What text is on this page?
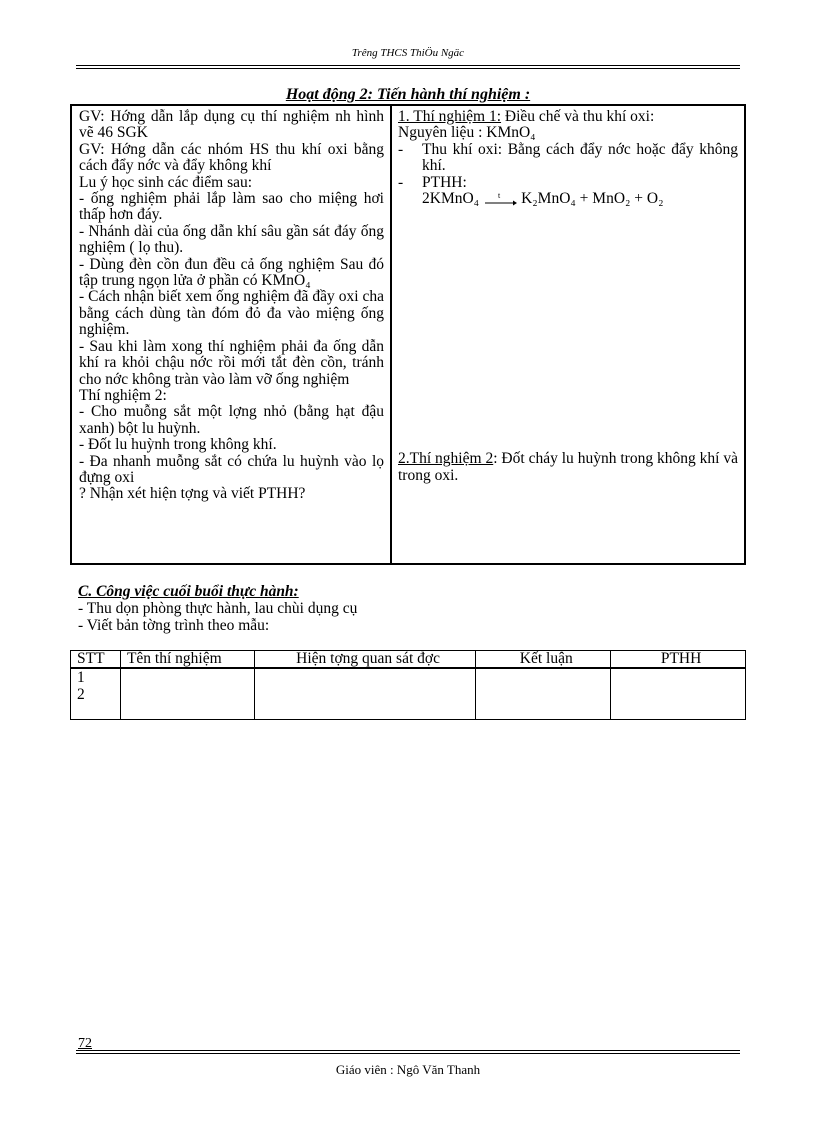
Trêng THCS ThiÖu Ngäc
Hoạt động 2: Tiến hành thí nghiệm :

GV: Hớng dẫn lắp dụng cụ thí nghiệm nh hình vẽ 46 SGK

GV: Hớng dẫn các nhóm HS thu khí oxi bằng cách đẩy nớc và đẩy không khí

Lu ý học sinh các điểm sau:

- ống nghiệm phải lắp làm sao cho miệng hơi thấp hơn đáy.

- Nhánh dài của ống dẫn khí sâu gần sát đáy ống nghiệm ( lọ thu).

- Dùng đèn cồn đun đều cả ống nghiệm Sau đó tập trung ngọn lửa ở phần có KMnO₄

- Cách nhận biết xem ống nghiệm đã đầy oxi cha bằng cách dùng tàn đóm đỏ đa vào miệng ống nghiệm.

- Sau khi làm xong thí nghiệm phải đa ống dẫn khí ra khỏi chậu nớc rồi mới tắt đèn cồn, tránh cho nớc không tràn vào làm vỡ ống nghiệm

Thí nghiệm 2:

- Cho muỗng sắt một lợng nhỏ (bằng hạt đậu xanh) bột lu huỳnh.

- Đốt lu huỳnh trong không khí.

- Đa nhanh muỗng sắt có chứa lu huỳnh vào lọ đựng oxi

? Nhận xét hiện tợng và viết PTHH?

1. Thí nghiệm 1: Điều chế và thu khí oxi:

Nguyên liệu : KMnO₄

-	Thu khí oxi: Bằng cách đẩy nớc hoặc đẩy không khí.
-	PTHH:
2KMnO₄ t K₂MnO₄ + MnO₂ + O₂

2.Thí nghiệm 2: Đốt cháy lu huỳnh trong không khí và trong oxi.

C. Công việc cuối buổi thực hành:
- Thu dọn phòng thực hành, lau chùi dụng cụ
- Viết bản tờng trình theo mẫu:
STT	Tên thí nghiệm	Hiện tợng quan sát đợc	Kết luận	PTHH

1
2				

72
Giáo viên : Ngô Văn Thanh
